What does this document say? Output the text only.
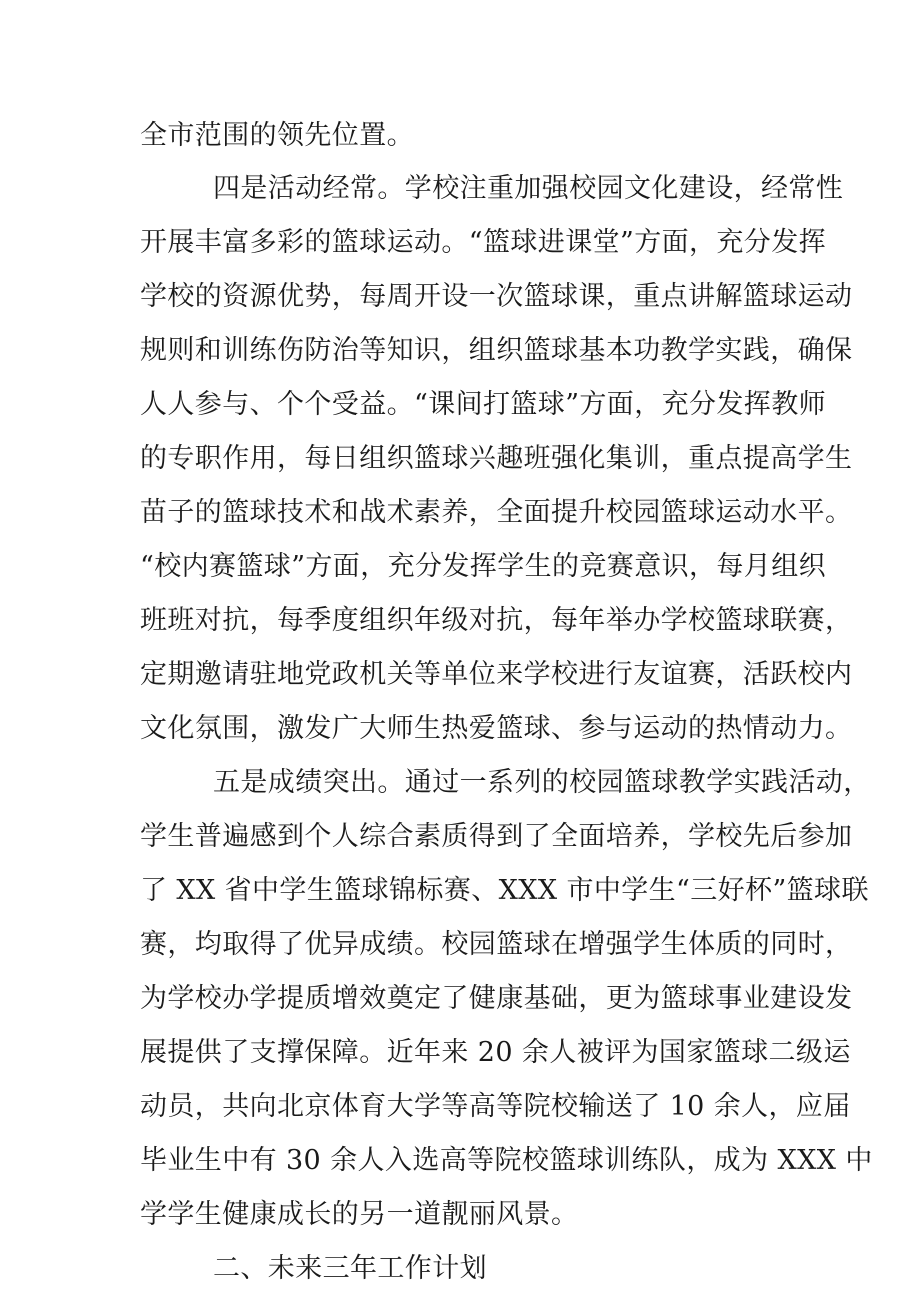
全市范围的领先位置。
四是活动经常。学校注重加强校园文化建设，经常性
开展丰富多彩的篮球运动。“篮球进课堂”方面，充分发挥
学校的资源优势，每周开设一次篮球课，重点讲解篮球运动
规则和训练伤防治等知识，组织篮球基本功教学实践，确保
人人参与、个个受益。“课间打篮球”方面，充分发挥教师
的专职作用，每日组织篮球兴趣班强化集训，重点提高学生
苗子的篮球技术和战术素养，全面提升校园篮球运动水平。
“校内赛篮球”方面，充分发挥学生的竞赛意识，每月组织
班班对抗，每季度组织年级对抗，每年举办学校篮球联赛，
定期邀请驻地党政机关等单位来学校进行友谊赛，活跃校内
文化氛围，激发广大师生热爱篮球、参与运动的热情动力。
五是成绩突出。通过一系列的校园篮球教学实践活动，
学生普遍感到个人综合素质得到了全面培养，学校先后参加
了 XX 省中学生篮球锦标赛、XXX 市中学生“三好杯”篮球联
赛，均取得了优异成绩。校园篮球在增强学生体质的同时，
为学校办学提质增效奠定了健康基础，更为篮球事业建设发
展提供了支撑保障。近年来 20 余人被评为国家篮球二级运
动员，共向北京体育大学等高等院校输送了 10 余人，应届
毕业生中有 30 余人入选高等院校篮球训练队，成为 XXX 中
学学生健康成长的另一道靓丽风景。
二、未来三年工作计划
